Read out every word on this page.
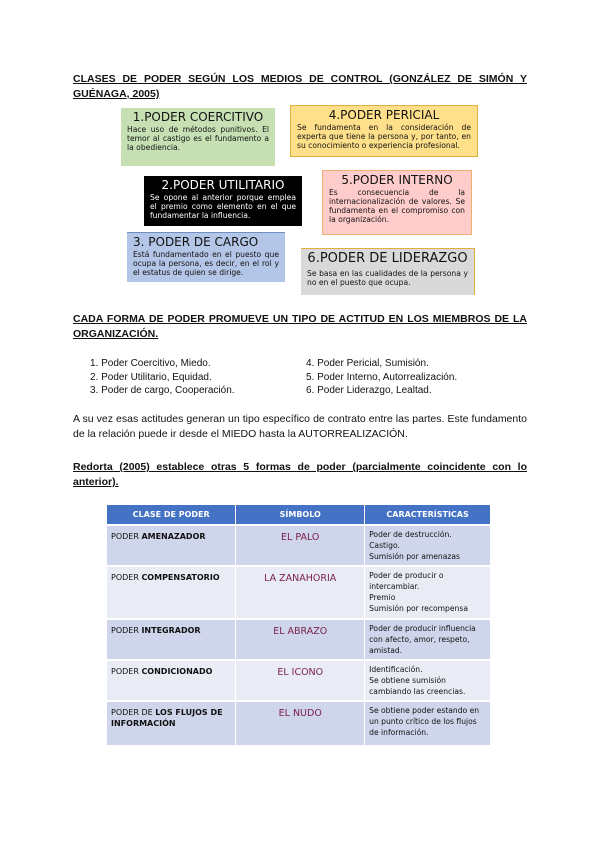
CLASES DE PODER SEGÚN LOS MEDIOS DE CONTROL (GONZÁLEZ DE SIMÓN Y GUÉNAGA, 2005)
1.PODER COERCITIVO
Hace uso de métodos punitivos. El temor al castigo es el fundamento a la obediencia.
4.PODER PERICIAL
Se fundamenta en la consideración de experta que tiene la persona y, por tanto, en su conocimiento o experiencia profesional.
2.PODER UTILITARIO
Se opone al anterior porque emplea el premio como elemento en el que fundamentar la influencia.
5.PODER INTERNO
Es consecuencia de la internacionalización de valores. Se fundamenta en el compromiso con la organización.
3. PODER DE CARGO
Está fundamentado en el puesto que ocupa la persona, es decir, en el rol y el estatus de quien se dirige.
6.PODER DE LIDERAZGO
Se basa en las cualidades de la persona y no en el puesto que ocupa.
CADA FORMA DE PODER PROMUEVE UN TIPO DE ACTITUD EN LOS MIEMBROS DE LA ORGANIZACIÓN.
1. Poder Coercitivo, Miedo.
2. Poder Utilitario, Equidad.
3. Poder de cargo, Cooperación.
4. Poder Pericial, Sumisión.
5. Poder Interno, Autorrealización.
6. Poder Liderazgo, Lealtad.

A su vez esas actitudes generan un tipo específico de contrato entre las partes. Este fundamento de la relación puede ir desde el MIEDO hasta la AUTORREALIZACIÓN.

Redorta (2005) establece otras 5 formas de poder (parcialmente coincidente con lo anterior).
CLASE DE PODER	SÍMBOLO	CARACTERÍSTICAS
PODER AMENAZADOR	EL PALO	Poder de destrucción.
Castigo.
Sumisión por amenazas

PODER COMPENSATORIO	LA ZANAHORIA	Poder de producir o intercambiar.
Premio
Sumisión por recompensa

PODER INTEGRADOR	EL ABRAZO	Poder de producir influencia con afecto, amor, respeto, amistad.

PODER CONDICIONADO	EL ICONO	Identificación.
Se obtiene sumisión cambiando las creencias.

PODER DE LOS FLUJOS DE INFORMACIÓN	EL NUDO	Se obtiene poder estando en un punto crítico de los flujos de información.
